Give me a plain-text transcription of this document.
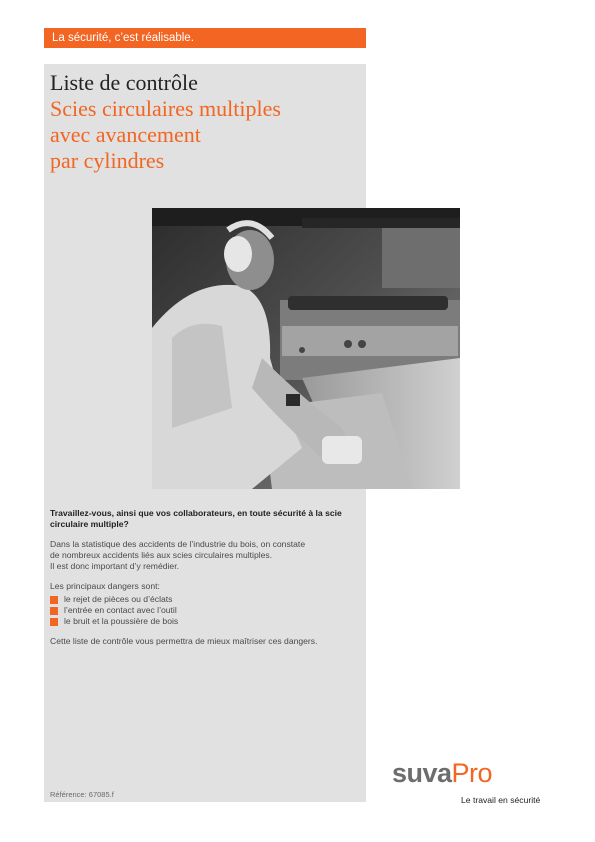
La sécurité, c’est réalisable.
Liste de contrôle
Scies circulaires multiples
avec avancement
par cylindres

Travaillez-vous, ainsi que vos collaborateurs, en toute sécurité à la scie circulaire multiple?

Dans la statistique des accidents de l’industrie du bois, on constate

de nombreux accidents liés aux scies circulaires multiples.

Il est donc important d’y remédier.

Les principaux dangers sont:

le rejet de pièces ou d’éclats
l’entrée en contact avec l’outil
le bruit et la poussière de bois

Cette liste de contrôle vous permettra de mieux maîtriser ces dangers.

Référence: 67085.f
suvaPro
Le travail en sécurité
